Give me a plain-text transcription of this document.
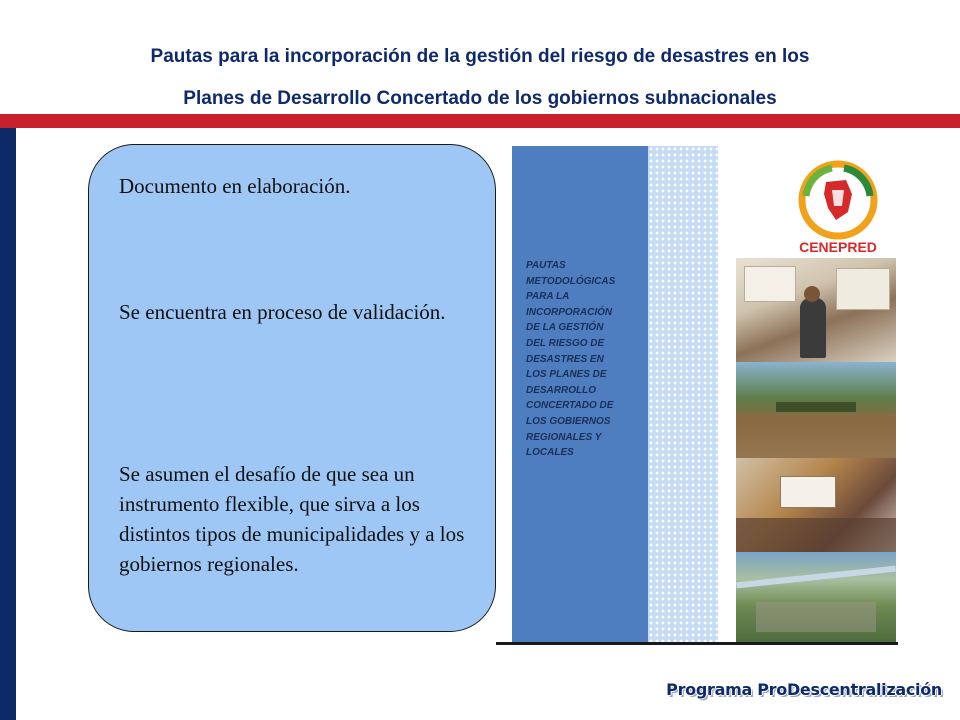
Pautas para la incorporación de la gestión del riesgo de desastres en los
Planes de Desarrollo Concertado de los gobiernos subnacionales

Documento en elaboración.

Se encuentra en proceso de validación.

Se asumen el desafío de que sea un instrumento flexible, que sirva a los distintos tipos de municipalidades y a los gobiernos regionales.

PAUTAS
METODOLÓGICAS
PARA LA
INCORPORACIÓN
DE LA GESTIÓN
DEL RIESGO DE
DESASTRES EN
LOS PLANES DE
DESARROLLO
CONCERTADO DE
LOS GOBIERNOS
REGIONALES Y
LOCALES

CENEPRED
Programa ProDescentralización
